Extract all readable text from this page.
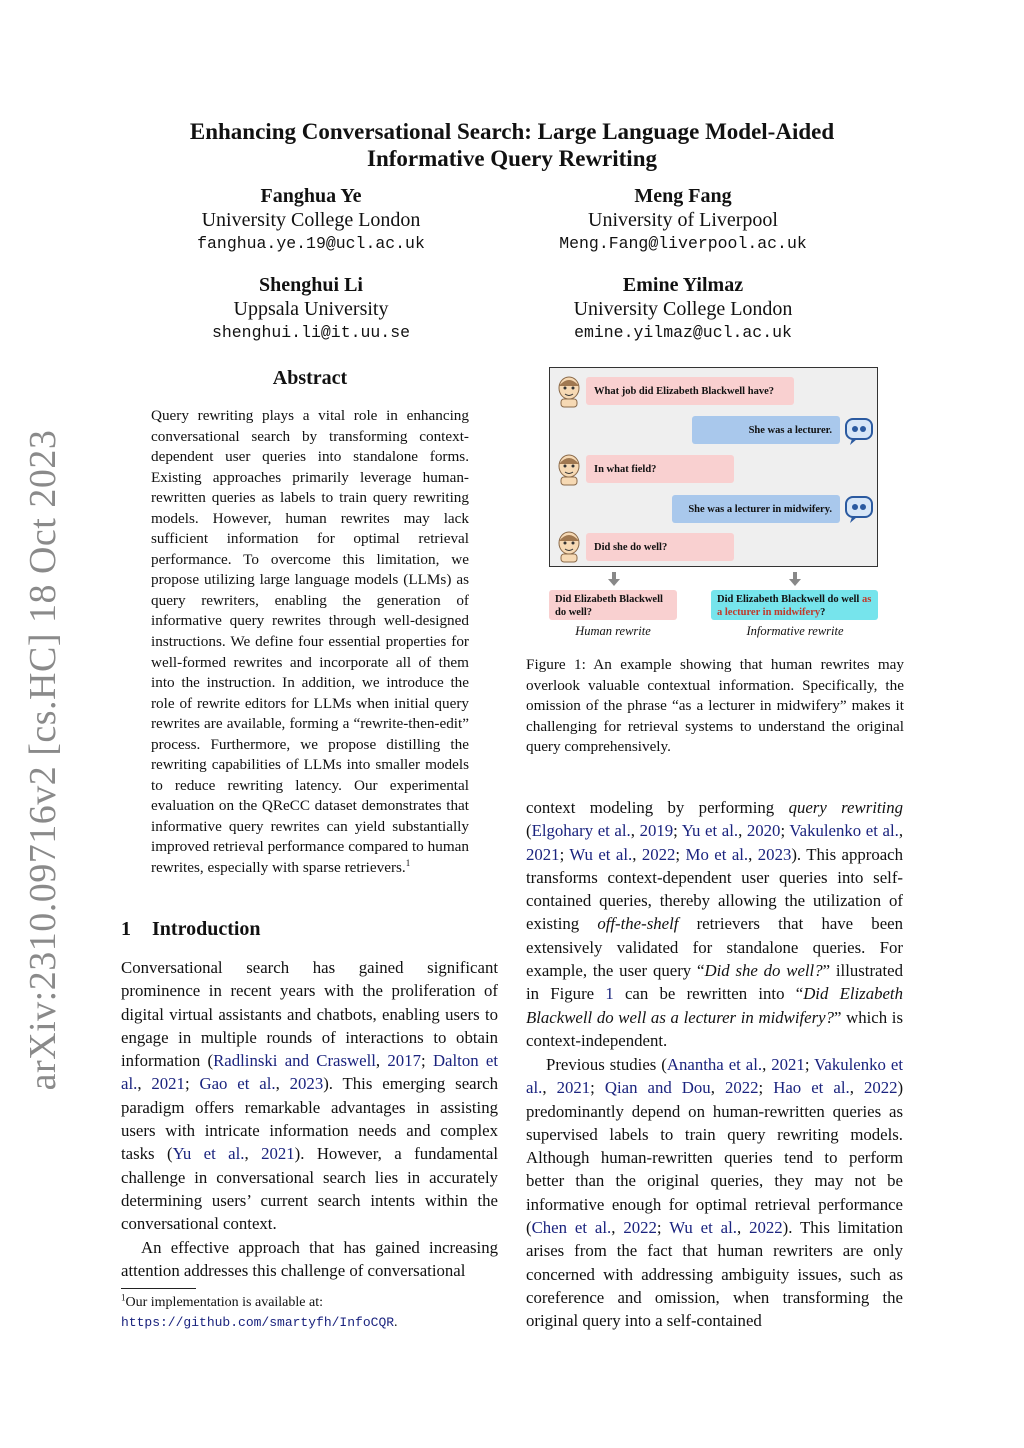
arXiv:2310.09716v2 [cs.HC] 18 Oct 2023
Enhancing Conversational Search: Large Language Model-Aided
Informative Query Rewriting
Fanghua Ye
University College London
fanghua.ye.19@ucl.ac.uk
Meng Fang
University of Liverpool
Meng.Fang@liverpool.ac.uk
Shenghui Li
Uppsala University
shenghui.li@it.uu.se
Emine Yilmaz
University College London
emine.yilmaz@ucl.ac.uk
Abstract

Query rewriting plays a vital role in enhancing conversational search by transforming context-dependent user queries into standalone forms. Existing approaches primarily leverage human-rewritten queries as labels to train query rewriting models. However, human rewrites may lack sufficient information for optimal retrieval performance. To overcome this limitation, we propose utilizing large language models (LLMs) as query rewriters, enabling the generation of informative query rewrites through well-designed instructions. We define four essential properties for well-formed rewrites and incorporate all of them into the instruction. In addition, we introduce the role of rewrite editors for LLMs when initial query rewrites are available, forming a “rewrite-then-edit” process. Furthermore, we propose distilling the rewriting capabilities of LLMs into smaller models to reduce rewriting latency. Our experimental evaluation on the QReCC dataset demonstrates that informative query rewrites can yield substantially improved retrieval performance compared to human rewrites, especially with sparse retrievers.$^1$

1 Introduction

Conversational search has gained significant prominence in recent years with the proliferation of digital virtual assistants and chatbots, enabling users to engage in multiple rounds of interactions to obtain information (Radlinski and Craswell, 2017; Dalton et al., 2021; Gao et al., 2023). This emerging search paradigm offers remarkable advantages in assisting users with intricate information needs and complex tasks (Yu et al., 2021). However, a fundamental challenge in conversational search lies in accurately determining users’ current search intents within the conversational context.

An effective approach that has gained increasing attention addresses this challenge of conversational

$^1$Our implementation is available at: https://github.com/smartyfh/InfoCQR.
What job did Elizabeth Blackwell have?
She was a lecturer.
In what field?
She was a lecturer in midwifery.
Did she do well?
Did Elizabeth Blackwell do well?
Did Elizabeth Blackwell do well as a lecturer in midwifery?
Human rewrite	Informative rewrite

Figure 1: An example showing that human rewrites may overlook valuable contextual information. Specifically, the omission of the phrase “as a lecturer in midwifery” makes it challenging for retrieval systems to understand the original query comprehensively.

context modeling by performing query rewriting (Elgohary et al., 2019; Yu et al., 2020; Vakulenko et al., 2021; Wu et al., 2022; Mo et al., 2023). This approach transforms context-dependent user queries into self-contained queries, thereby allowing the utilization of existing off-the-shelf retrievers that have been extensively validated for standalone queries. For example, the user query “Did she do well?” illustrated in Figure 1 can be rewritten into “Did Elizabeth Blackwell do well as a lecturer in midwifery?” which is context-independent.

Previous studies (Anantha et al., 2021; Vakulenko et al., 2021; Qian and Dou, 2022; Hao et al., 2022) predominantly depend on human-rewritten queries as supervised labels to train query rewriting models. Although human-rewritten queries tend to perform better than the original queries, they may not be informative enough for optimal retrieval performance (Chen et al., 2022; Wu et al., 2022). This limitation arises from the fact that human rewriters are only concerned with addressing ambiguity issues, such as coreference and omission, when transforming the original query into a self-contained
